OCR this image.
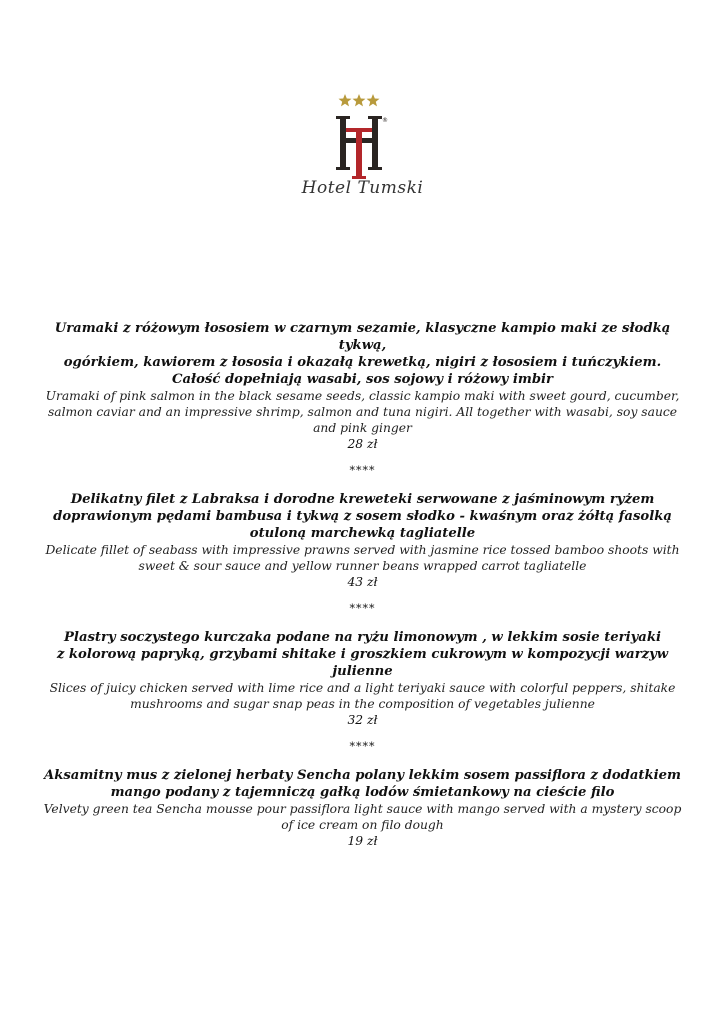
®
Hotel Tumski
Uramaki z różowym łososiem w czarnym sezamie, klasyczne kampio maki ze słodką tykwą,
ogórkiem, kawiorem z łososia i okazałą krewetką, nigiri z łososiem i tuńczykiem.
Całość dopełniają wasabi, sos sojowy i różowy imbir
Uramaki of pink salmon in the black sesame seeds, classic kampio maki with sweet gourd, cucumber,
salmon caviar and an impressive shrimp, salmon and tuna nigiri. All together with wasabi, soy sauce
and pink ginger
28 zł
****
Delikatny filet z Labraksa i dorodne kreweteki serwowane z jaśminowym ryżem
doprawionym pędami bambusa i tykwą z sosem słodko - kwaśnym oraz żółtą fasolką
otuloną marchewką tagliatelle
Delicate fillet of seabass with impressive prawns served with jasmine rice tossed bamboo shoots with
sweet & sour sauce and yellow runner beans wrapped carrot tagliatelle
43 zł
****
Plastry soczystego kurczaka podane na ryżu limonowym , w lekkim sosie teriyaki
z kolorową papryką, grzybami shitake i groszkiem cukrowym w kompozycji warzyw
julienne
Slices of juicy chicken served with lime rice and a light teriyaki sauce with colorful peppers, shitake
mushrooms and sugar snap peas in the composition of vegetables julienne
32 zł
****
Aksamitny mus z zielonej herbaty Sencha polany lekkim sosem passiflora z dodatkiem
mango podany z tajemniczą gałką lodów śmietankowy na cieście filo
Velvety green tea Sencha mousse pour passiflora light sauce with mango served with a mystery scoop
of ice cream on filo dough
19 zł
